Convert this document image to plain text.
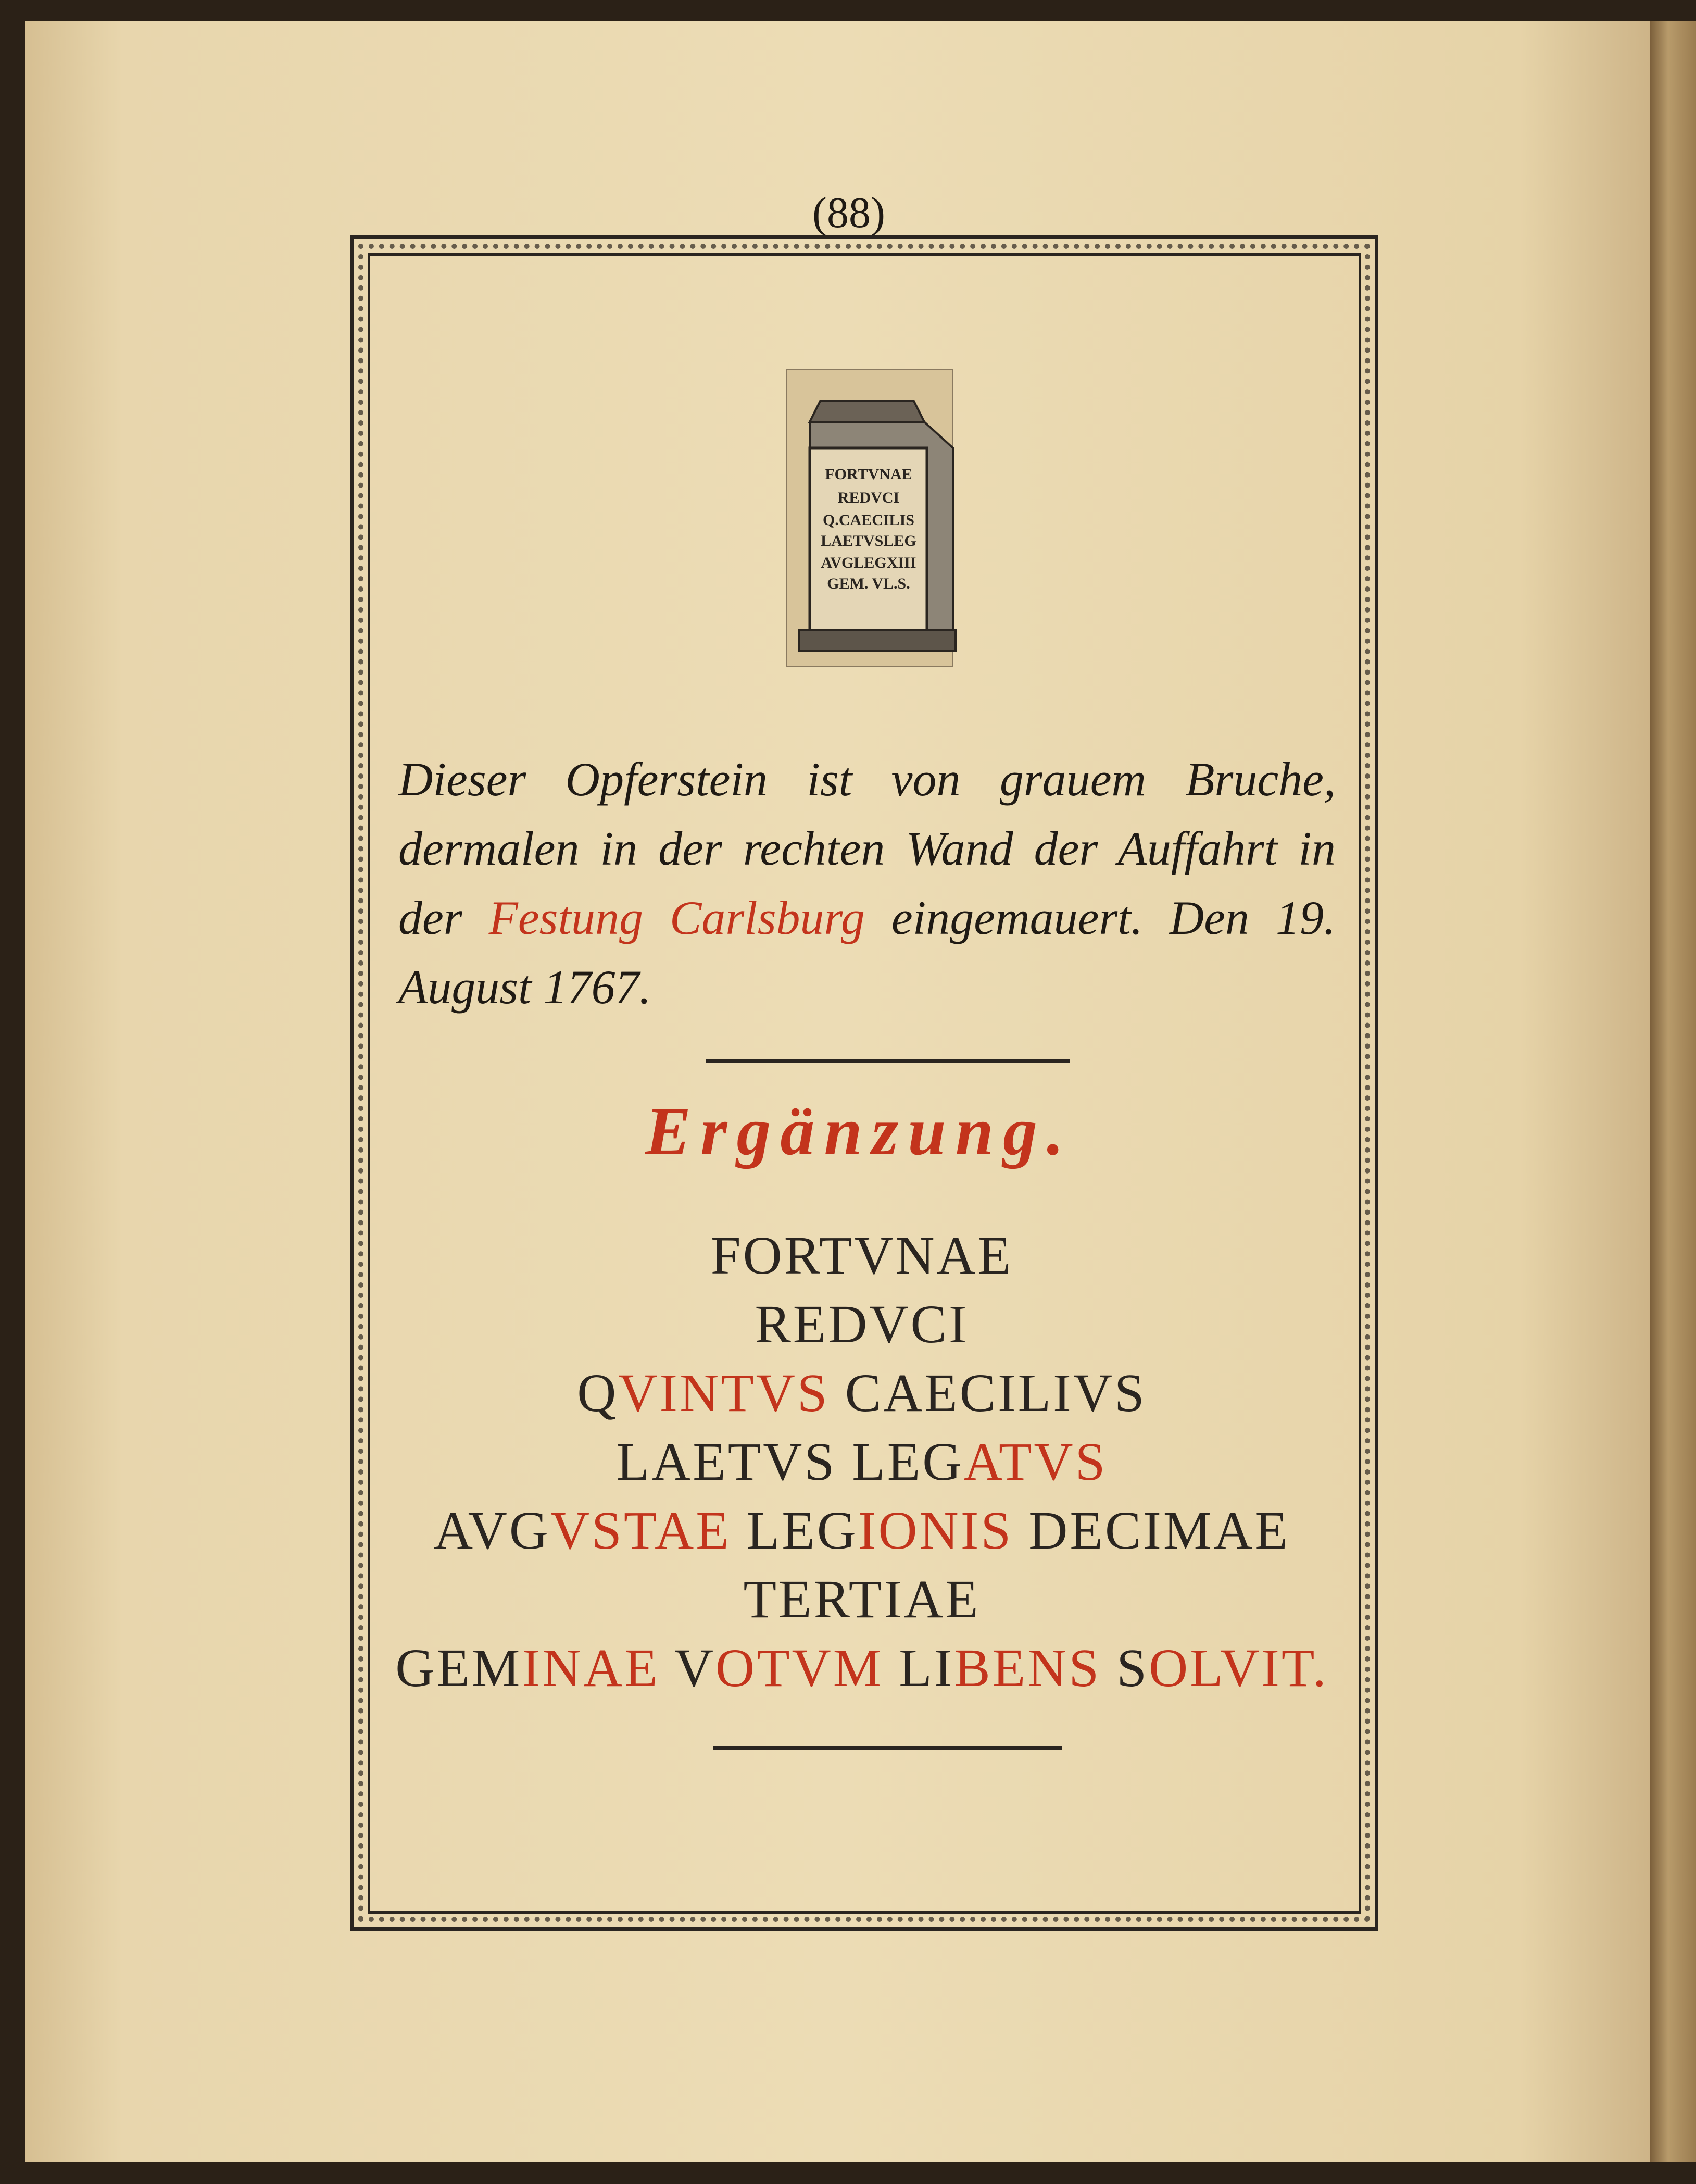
(88)
FORTVNAE
REDVCI
Q.CAECILIS
LAETVSLEG
AVGLEGXIII
GEM. VL.S.
Dieser Opferstein ist von grauem Bruche, dermalen in der rechten Wand der Auffahrt in der Festung Carlsburg eingemauert. Den 19. August 1767.
Ergänzung.
FORTVNAE
REDVCI
QVINTVS CAECILIVS
LAETVS LEGATVS
AVGVSTAE LEGIONIS DECIMAE
TERTIAE
GEMINAE VOTVM LIBENS SOLVIT.
